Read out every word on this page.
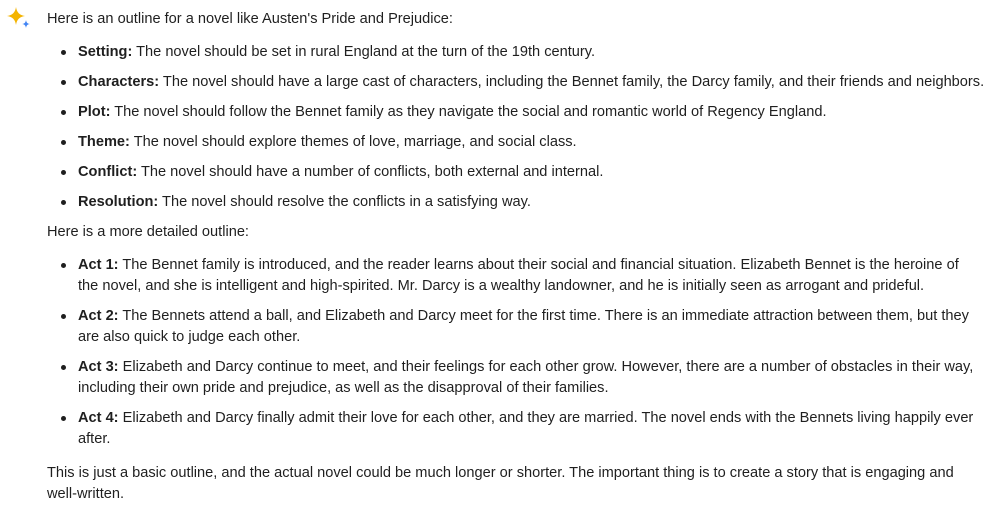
Here is an outline for a novel like Austen's Pride and Prejudice:

Setting: The novel should be set in rural England at the turn of the 19th century.
Characters: The novel should have a large cast of characters, including the Bennet family, the Darcy family, and their friends and neighbors.
Plot: The novel should follow the Bennet family as they navigate the social and romantic world of Regency England.
Theme: The novel should explore themes of love, marriage, and social class.
Conflict: The novel should have a number of conflicts, both external and internal.
Resolution: The novel should resolve the conflicts in a satisfying way.

Here is a more detailed outline:

Act 1: The Bennet family is introduced, and the reader learns about their social and financial situation. Elizabeth Bennet is the heroine of the novel, and she is intelligent and high-spirited. Mr. Darcy is a wealthy landowner, and he is initially seen as arrogant and prideful.
Act 2: The Bennets attend a ball, and Elizabeth and Darcy meet for the first time. There is an immediate attraction between them, but they are also quick to judge each other.
Act 3: Elizabeth and Darcy continue to meet, and their feelings for each other grow. However, there are a number of obstacles in their way, including their own pride and prejudice, as well as the disapproval of their families.
Act 4: Elizabeth and Darcy finally admit their love for each other, and they are married. The novel ends with the Bennets living happily ever after.

This is just a basic outline, and the actual novel could be much longer or shorter. The important thing is to create a story that is engaging and well-written.
